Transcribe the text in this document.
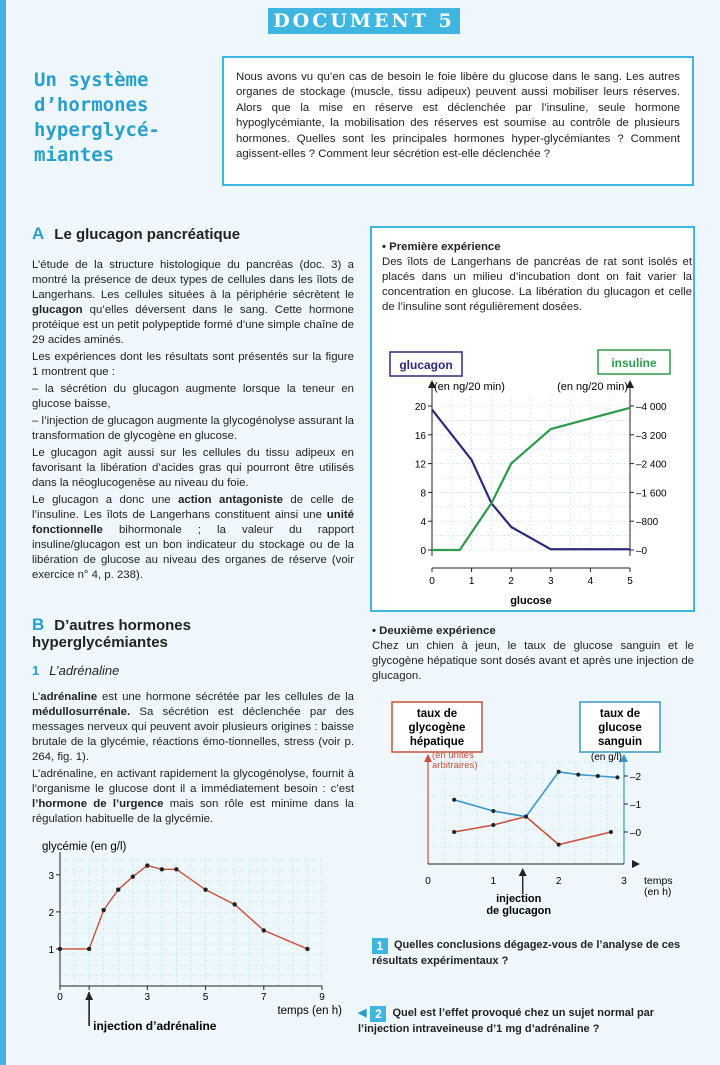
DOCUMENT 5
Un système
d’hormones
hyperglycé-
miantes
Nous avons vu qu’en cas de besoin le foie libère du glucose dans le sang. Les autres organes de stockage (muscle, tissu adipeux) peuvent aussi mobiliser leurs réserves. Alors que la mise en réserve est déclenchée par l’insuline, seule hormone hypoglycémiante, la mobilisation des réserves est soumise au contrôle de plusieurs hormones. Quelles sont les principales hormones hyper-glycémiantes ? Comment agissent-elles ? Comment leur sécrétion est-elle déclenchée ?
A Le glucagon pancréatique

L’étude de la structure histologique du pancréas (doc. 3) a montré la présence de deux types de cellules dans les îlots de Langerhans. Les cellules situées à la périphérie sécrètent le glucagon qu’elles déversent dans le sang. Cette hormone protéique est un petit polypeptide formé d’une simple chaîne de 29 acides aminés.

Les expériences dont les résultats sont présentés sur la figure 1 montrent que :

– la sécrétion du glucagon augmente lorsque la teneur en glucose baisse,

– l’injection de glucagon augmente la glycogénolyse assurant la transformation de glycogène en glucose.

Le glucagon agit aussi sur les cellules du tissu adipeux en favorisant la libération d’acides gras qui pourront être utilisés dans la néoglucogenèse au niveau du foie.

Le glucagon a donc une action antagoniste de celle de l’insuline. Les îlots de Langerhans constituent ainsi une unité fonctionnelle bihormonale ; la valeur du rapport insuline/glucagon est un bon indicateur du stockage ou de la libération de glucose au niveau des organes de réserve (voir exercice n° 4, p. 238).

B D’autres hormones
hyperglycémiantes
1 L’adrénaline

L’adrénaline est une hormone sécrétée par les cellules de la médullosurrénale. Sa sécrétion est déclenchée par des messages nerveux qui peuvent avoir plusieurs origines : baisse brutale de la glycémie, réactions émo-tionnelles, stress (voir p. 264, fig. 1).

L’adrénaline, en activant rapidement la glycogénolyse, fournit à l’organisme le glucose dont il a immédiatement besoin : c’est l’hormone de l’urgence mais son rôle est minime dans la régulation habituelle de la glycémie.

• Première expérience
Des îlots de Langerhans de pancréas de rat sont isolés et placés dans un milieu d’incubation dont on fait varier la concentration en glucose. La libération du glucagon et celle de l’insuline sont régulièrement dosées.
glucagon	insuline
(en ng/20 min)	(en ng/20 min)
0
4
8
12
16
20
–0
–800
–1 600
–2 400
–3 200
–4 000
0	1	2	3	4	5
glucose
• Deuxième expérience
Chez un chien à jeun, le taux de glucose sanguin et le glycogène hépatique sont dosés avant et après une injection de glucagon.
taux de
glycogène
hépatique
taux de
glucose
sanguin
(en unités
arbitraires)
(en g/l)
–0
–1
–2
0	1	2	3 temps
(en h)
injection
de glucagon
glycémie (en g/l)
temps (en h)
1
2
3
0	3	5	7	9
injection d’adrénaline
1 Quelles conclusions dégagez-vous de l’analyse de ces résultats expérimentaux ?
◀ 2 Quel est l’effet provoqué chez un sujet normal par l’injection intraveineuse d’1 mg d’adrénaline ?
